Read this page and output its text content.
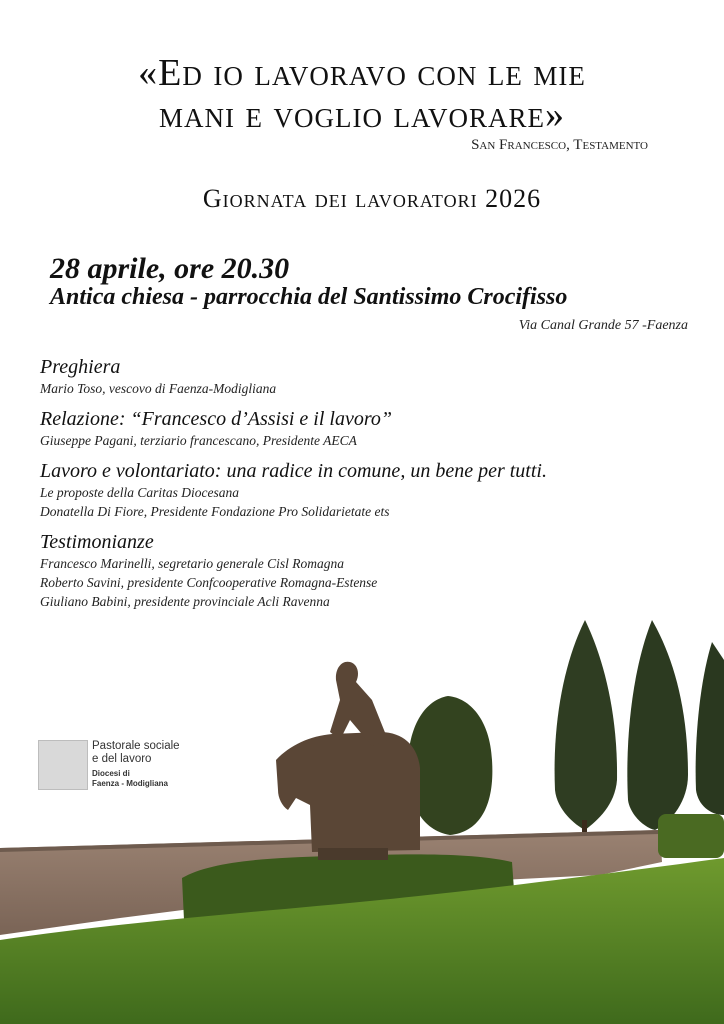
«Ed io lavoravo con le mie
mani e voglio lavorare»
San Francesco, Testamento
Giornata dei lavoratori 2026
28 aprile, ore 20.30
Antica chiesa - parrocchia del Santissimo Crocifisso
Via Canal Grande 57 -Faenza
Preghiera
Mario Toso, vescovo di Faenza-Modigliana
Relazione: “Francesco d’Assisi e il lavoro”
Giuseppe Pagani, terziario francescano, Presidente AECA
Lavoro e volontariato: una radice in comune, un bene per tutti.
Le proposte della Caritas Diocesana
Donatella Di Fiore, Presidente Fondazione Pro Solidarietate ets
Testimonianze
Francesco Marinelli, segretario generale Cisl Romagna
Roberto Savini, presidente Confcooperative Romagna-Estense
Giuliano Babini, presidente provinciale Acli Ravenna
Pastorale sociale
e del lavoro
Diocesi di
Faenza - Modigliana
